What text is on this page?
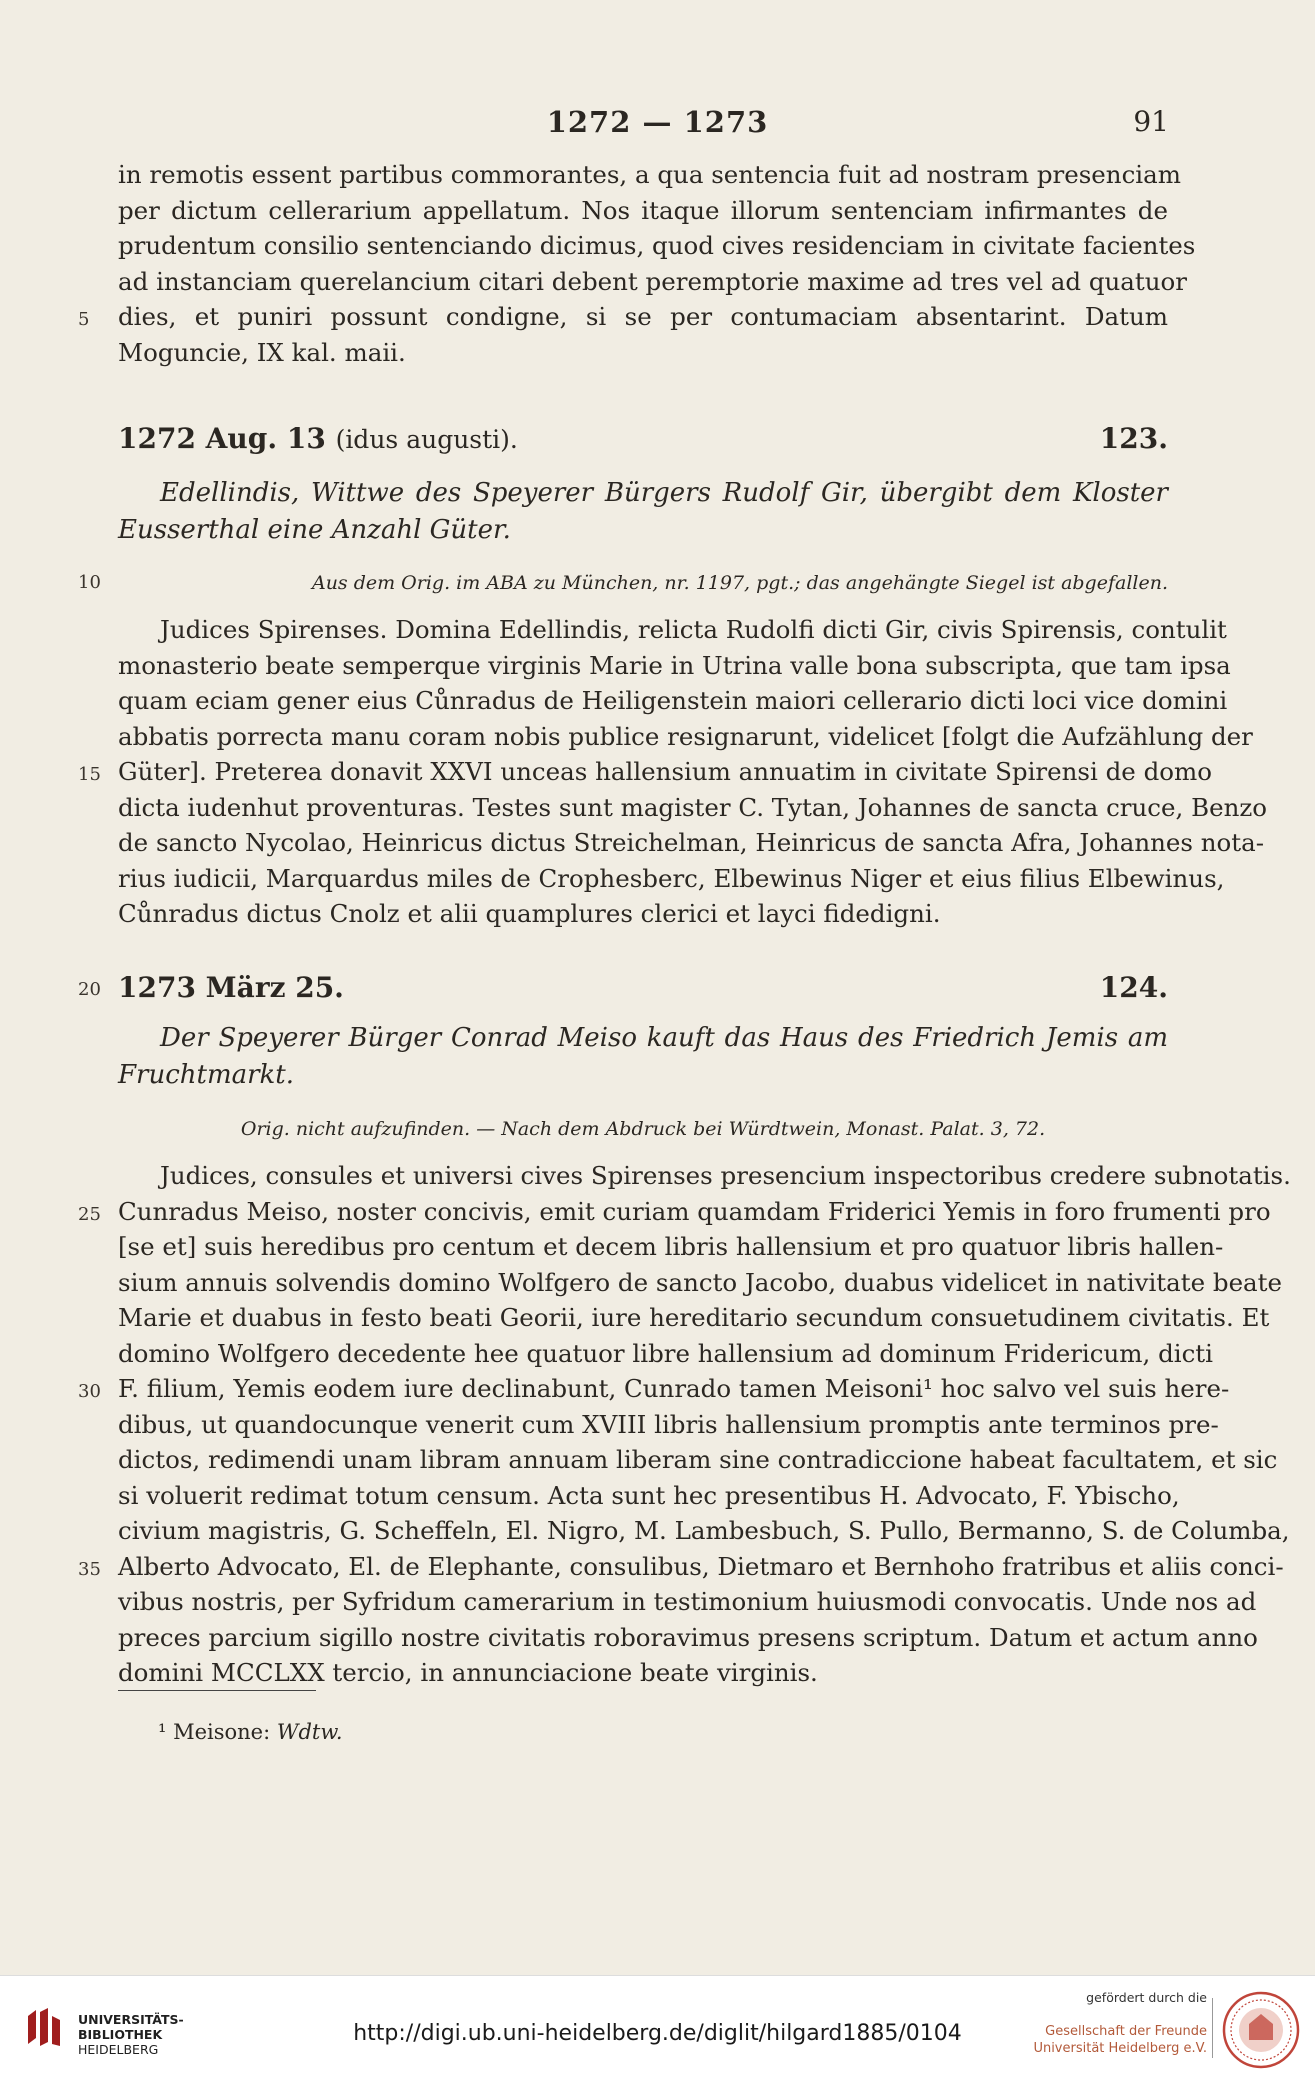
1272 — 1273	91
in remotis essent partibus commorantes, a qua sentencia fuit ad nostram presenciam
per dictum cellerarium appellatum. Nos itaque illorum sentenciam infirmantes de
prudentum consilio sentenciando dicimus, quod cives residenciam in civitate facientes
ad instanciam querelancium citari debent peremptorie maxime ad tres vel ad quatuor
5 dies, et puniri possunt condigne, si se per contumaciam absentarint. Datum
Moguncie, IX kal. maii.
1272 Aug. 13 (idus augusti).	123.
Edellindis, Wittwe des Speyerer Bürgers Rudolf Gir, übergibt dem Kloster
Eusserthal eine Anzahl Güter.
10	Aus dem Orig. im ABA zu München, nr. 1197, pgt.; das angehängte Siegel ist abgefallen.
Judices Spirenses. Domina Edellindis, relicta Rudolfi dicti Gir, civis Spirensis, contulit
monasterio beate semperque virginis Marie in Utrina valle bona subscripta, que tam ipsa
quam eciam gener eius Cůnradus de Heiligenstein maiori cellerario dicti loci vice domini
abbatis porrecta manu coram nobis publice resignarunt, videlicet [folgt die Aufzählung der
15 Güter]. Preterea donavit XXVI unceas hallensium annuatim in civitate Spirensi de domo
dicta iudenhut proventuras. Testes sunt magister C. Tytan, Johannes de sancta cruce, Benzo
de sancto Nycolao, Heinricus dictus Streichelman, Heinricus de sancta Afra, Johannes nota-
rius iudicii, Marquardus miles de Crophesberc, Elbewinus Niger et eius filius Elbewinus,
Cůnradus dictus Cnolz et alii quamplures clerici et layci fidedigni.
20 1273 März 25.	124.
Der Speyerer Bürger Conrad Meiso kauft das Haus des Friedrich Jemis am
Fruchtmarkt.
Orig. nicht aufzufinden. — Nach dem Abdruck bei Würdtwein, Monast. Palat. 3, 72.
Judices, consules et universi cives Spirenses presencium inspectoribus credere subnotatis.
25 Cunradus Meiso, noster concivis, emit curiam quamdam Friderici Yemis in foro frumenti pro
[se et] suis heredibus pro centum et decem libris hallensium et pro quatuor libris hallen-
sium annuis solvendis domino Wolfgero de sancto Jacobo, duabus videlicet in nativitate beate
Marie et duabus in festo beati Georii, iure hereditario secundum consuetudinem civitatis. Et
domino Wolfgero decedente hee quatuor libre hallensium ad dominum Fridericum, dicti
30 F. filium, Yemis eodem iure declinabunt, Cunrado tamen Meisoni¹ hoc salvo vel suis here-
dibus, ut quandocunque venerit cum XVIII libris hallensium promptis ante terminos pre-
dictos, redimendi unam libram annuam liberam sine contradiccione habeat facultatem, et sic
si voluerit redimat totum censum. Acta sunt hec presentibus H. Advocato, F. Ybischo,
civium magistris, G. Scheffeln, El. Nigro, M. Lambesbuch, S. Pullo, Bermanno, S. de Columba,
35 Alberto Advocato, El. de Elephante, consulibus, Dietmaro et Bernhoho fratribus et aliis conci-
vibus nostris, per Syfridum camerarium in testimonium huiusmodi convocatis. Unde nos ad
preces parcium sigillo nostre civitatis roboravimus presens scriptum. Datum et actum anno
domini MCCLXX tercio, in annunciacione beate virginis.
¹ Meisone: Wdtw.
UNIVERSITÄTS-
BIBLIOTHEK
HEIDELBERG
http://digi.ub.uni-heidelberg.de/diglit/hilgard1885/0104
gefördert durch die
Gesellschaft der Freunde
Universität Heidelberg e.V.
